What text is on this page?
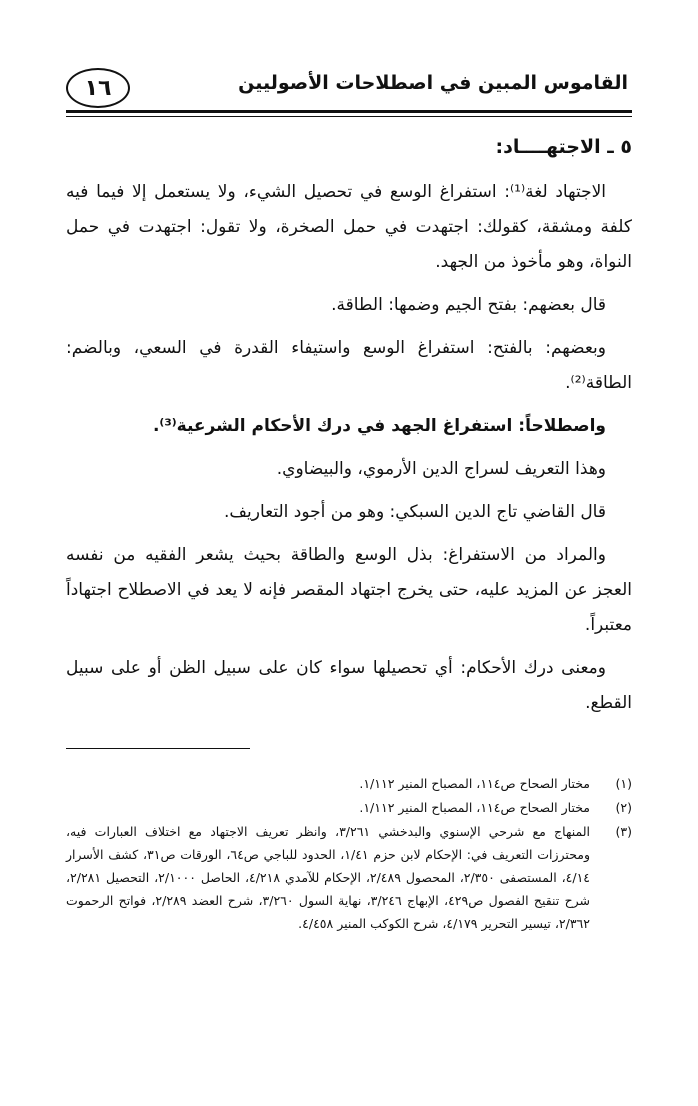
١٦	القاموس المبين في اصطلاحات الأصوليين

٥ ـ الاجتهــــاد:

الاجتهاد لغة⁽¹⁾: استفراغ الوسع في تحصيل الشيء، ولا يستعمل إلا فيما فيه كلفة ومشقة، كقولك: اجتهدت في حمل الصخرة، ولا تقول: اجتهدت في حمل النواة، وهو مأخوذ من الجهد.

قال بعضهم: بفتح الجيم وضمها: الطاقة.

وبعضهم: بالفتح: استفراغ الوسع واستيفاء القدرة في السعي، وبالضم: الطاقة⁽²⁾.

واصطلاحاً: استفراغ الجهد في درك الأحكام الشرعية⁽³⁾.

وهذا التعريف لسراج الدين الأرموي، والبيضاوي.

قال القاضي تاج الدين السبكي: وهو من أجود التعاريف.

والمراد من الاستفراغ: بذل الوسع والطاقة بحيث يشعر الفقيه من نفسه العجز عن المزيد عليه، حتى يخرج اجتهاد المقصر فإنه لا يعد في الاصطلاح اجتهاداً معتبراً.

ومعنى درك الأحكام: أي تحصيلها سواء كان على سبيل الظن أو على سبيل القطع.

(١)
مختار الصحاح ص١١٤، المصباح المنير ١/١١٢.
(٢)
مختار الصحاح ص١١٤، المصباح المنير ١/١١٢.
(٣)
المنهاج مع شرحي الإسنوي والبدخشي ٣/٢٦١، وانظر تعريف الاجتهاد مع اختلاف العبارات فيه، ومحترزات التعريف في: الإحكام لابن حزم ١/٤١، الحدود للباجي ص٦٤، الورقات ص٣١، كشف الأسرار ٤/١٤، المستصفى ٢/٣٥٠، المحصول ٢/٤٨٩، الإحكام للآمدي ٤/٢١٨، الحاصل ٢/١٠٠٠، التحصيل ٢/٢٨١، شرح تنقيح الفصول ص٤٢٩، الإبهاج ٣/٢٤٦، نهاية السول ٣/٢٦٠، شرح العضد ٢/٢٨٩، فواتح الرحموت ٢/٣٦٢، تيسير التحرير ٤/١٧٩، شرح الكوكب المنير ٤/٤٥٨.
